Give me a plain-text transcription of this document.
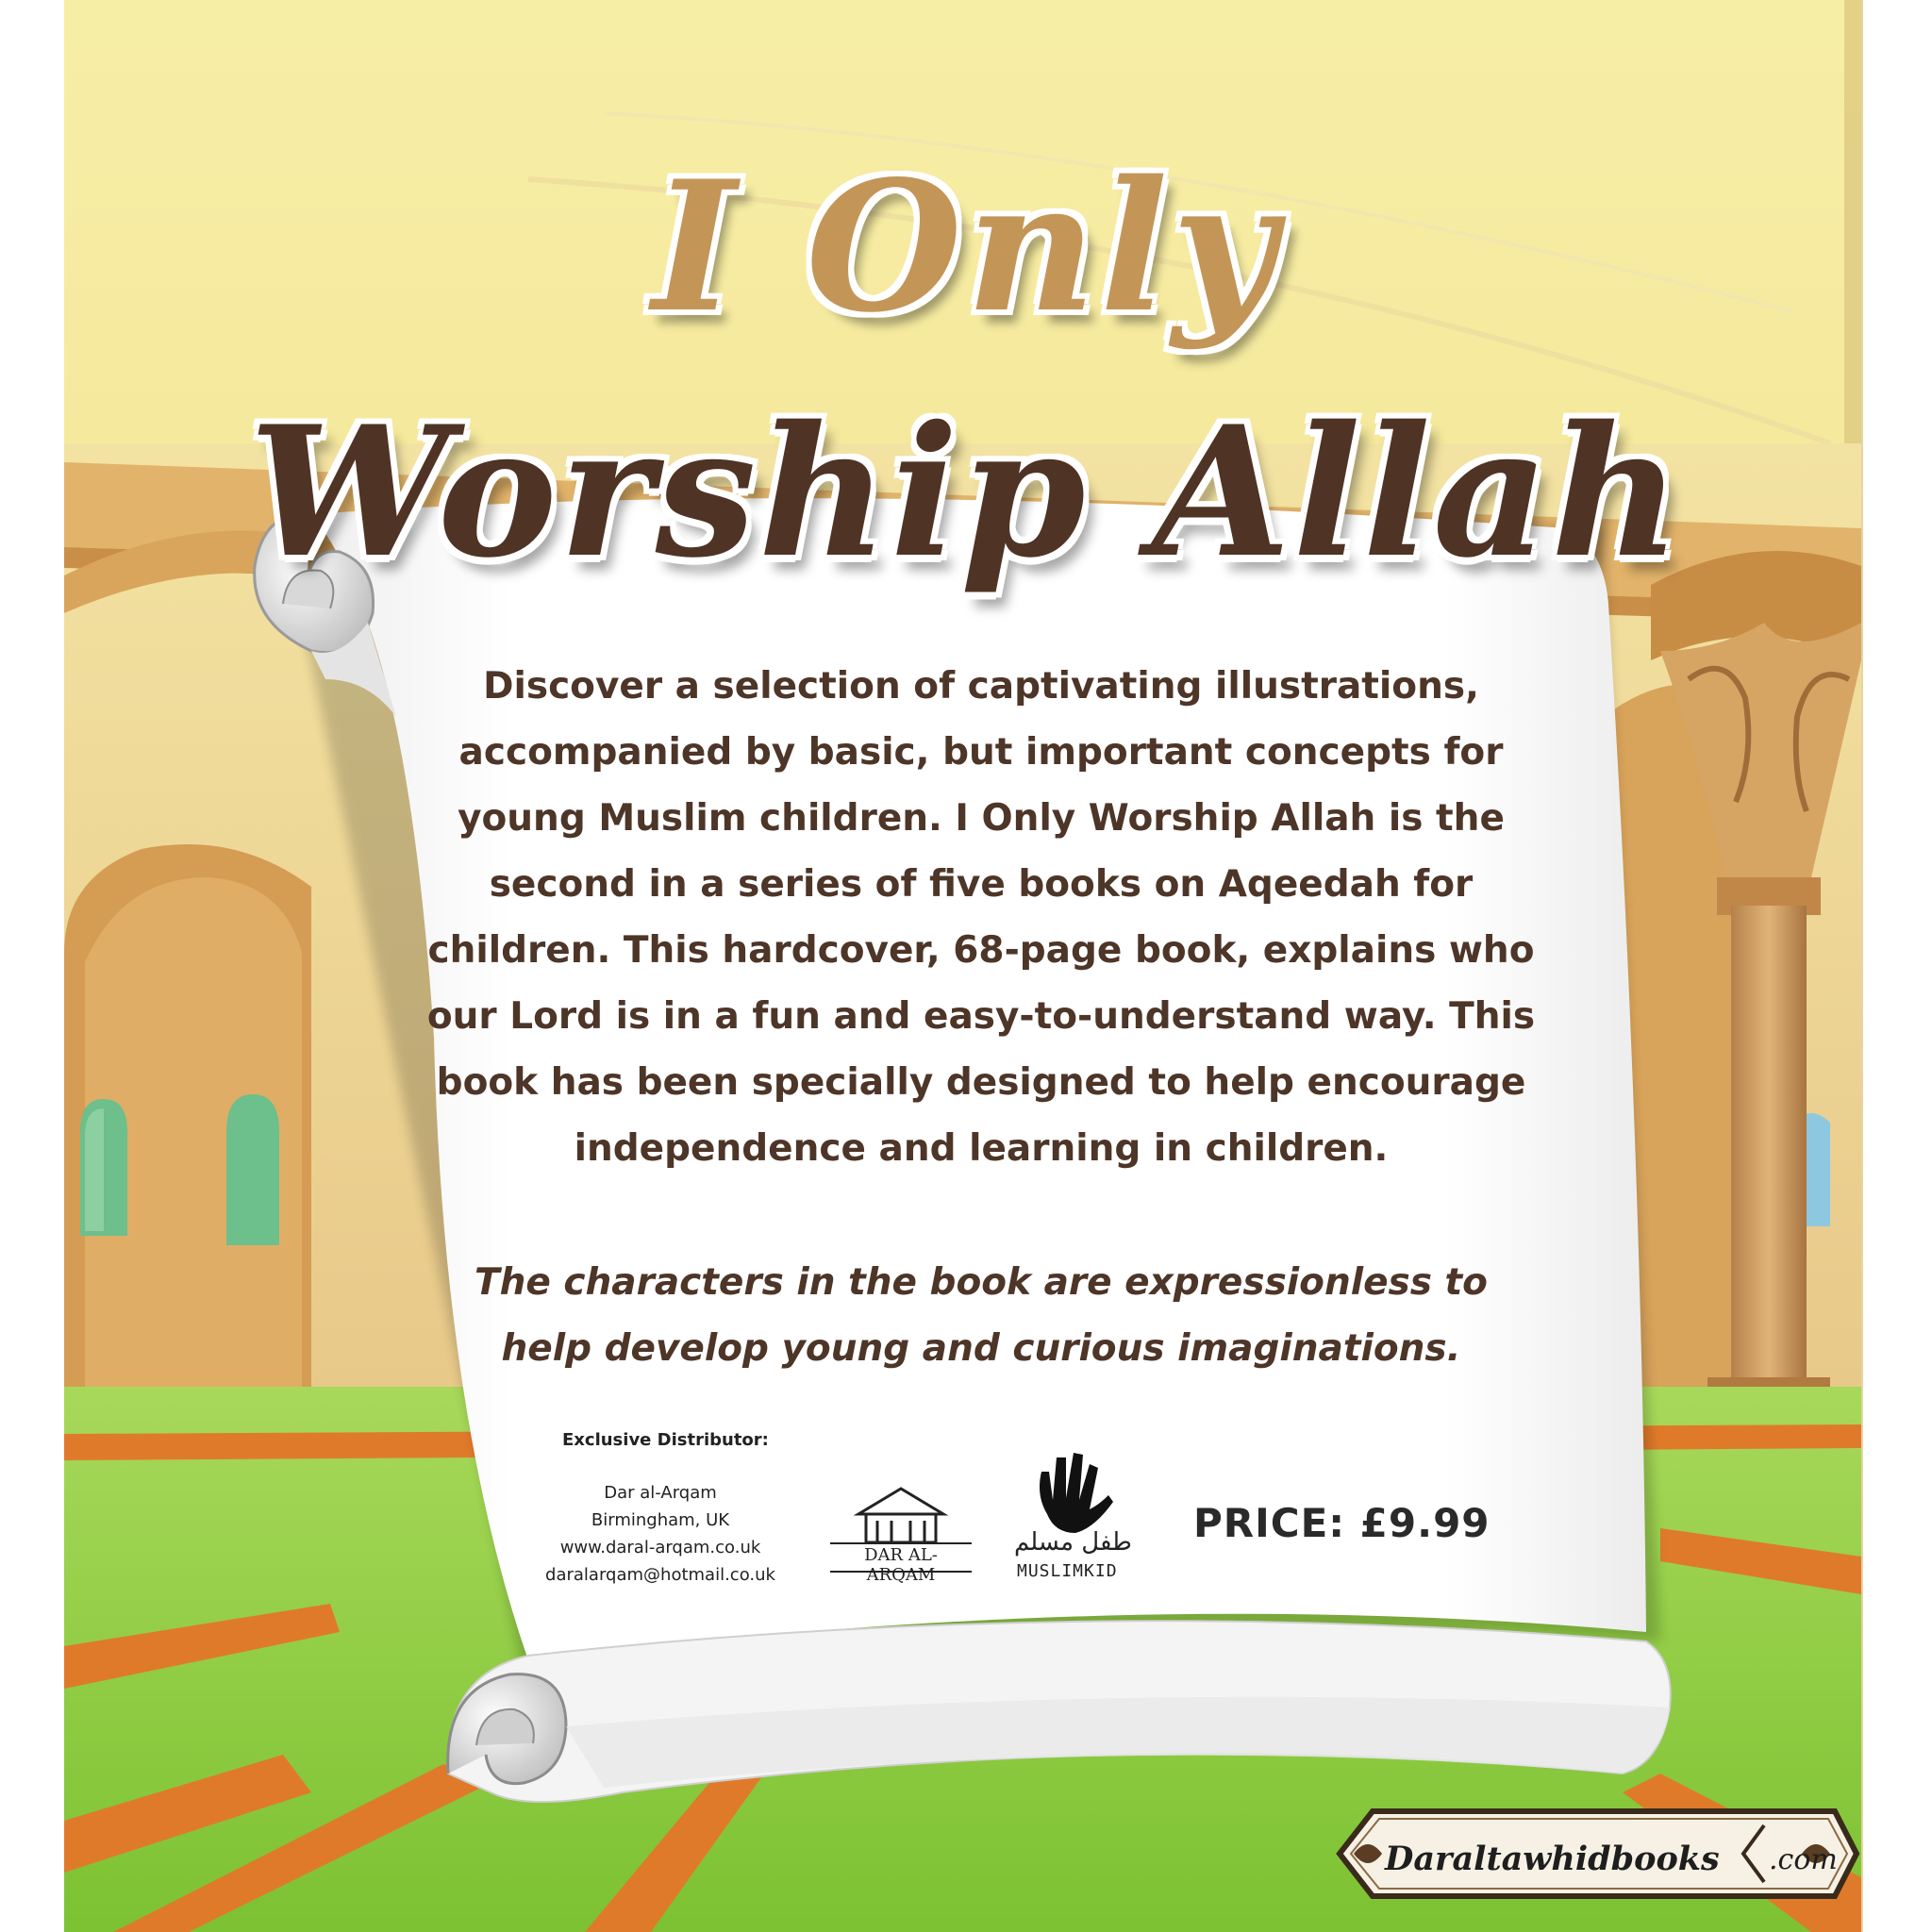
I Only
Worship Allah
Discover a selection of captivating illustrations,
accompanied by basic, but important concepts for
young Muslim children. I Only Worship Allah is the
second in a series of five books on Aqeedah for
children. This hardcover, 68-page book, explains who
our Lord is in a fun and easy-to-understand way. This
book has been specially designed to help encourage
independence and learning in children.
The characters in the book are expressionless to
help develop young and curious imaginations.
Exclusive Distributor:
Dar al-Arqam
Birmingham, UK
www.daral-arqam.co.uk
daralarqam@hotmail.co.uk
DAR AL-ARQAM
طفل مسلم
MUSLIMKID
PRICE: £9.99
Daraltawhidbooks .com
